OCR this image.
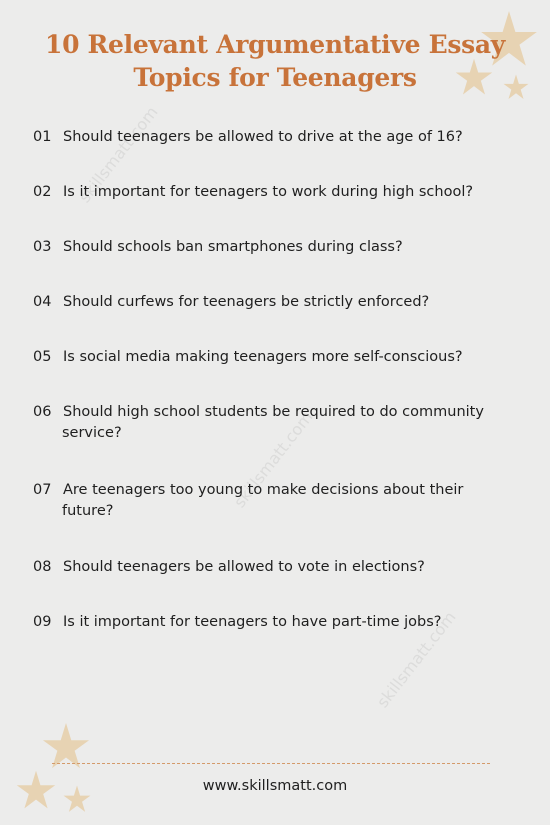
skillsmatt.com
skillsmatt.com
skillsmatt.com
10 Relevant Argumentative Essay Topics for Teenagers
01 Should teenagers be allowed to drive at the age of 16?
02 Is it important for teenagers to work during high school?
03 Should schools ban smartphones during class?
04 Should curfews for teenagers be strictly enforced?
05 Is social media making teenagers more self-conscious?
06 Should high school students be required to do community
service?
07 Are teenagers too young to make decisions about their
future?
08 Should teenagers be allowed to vote in elections?
09 Is it important for teenagers to have part-time jobs?
www.skillsmatt.com
